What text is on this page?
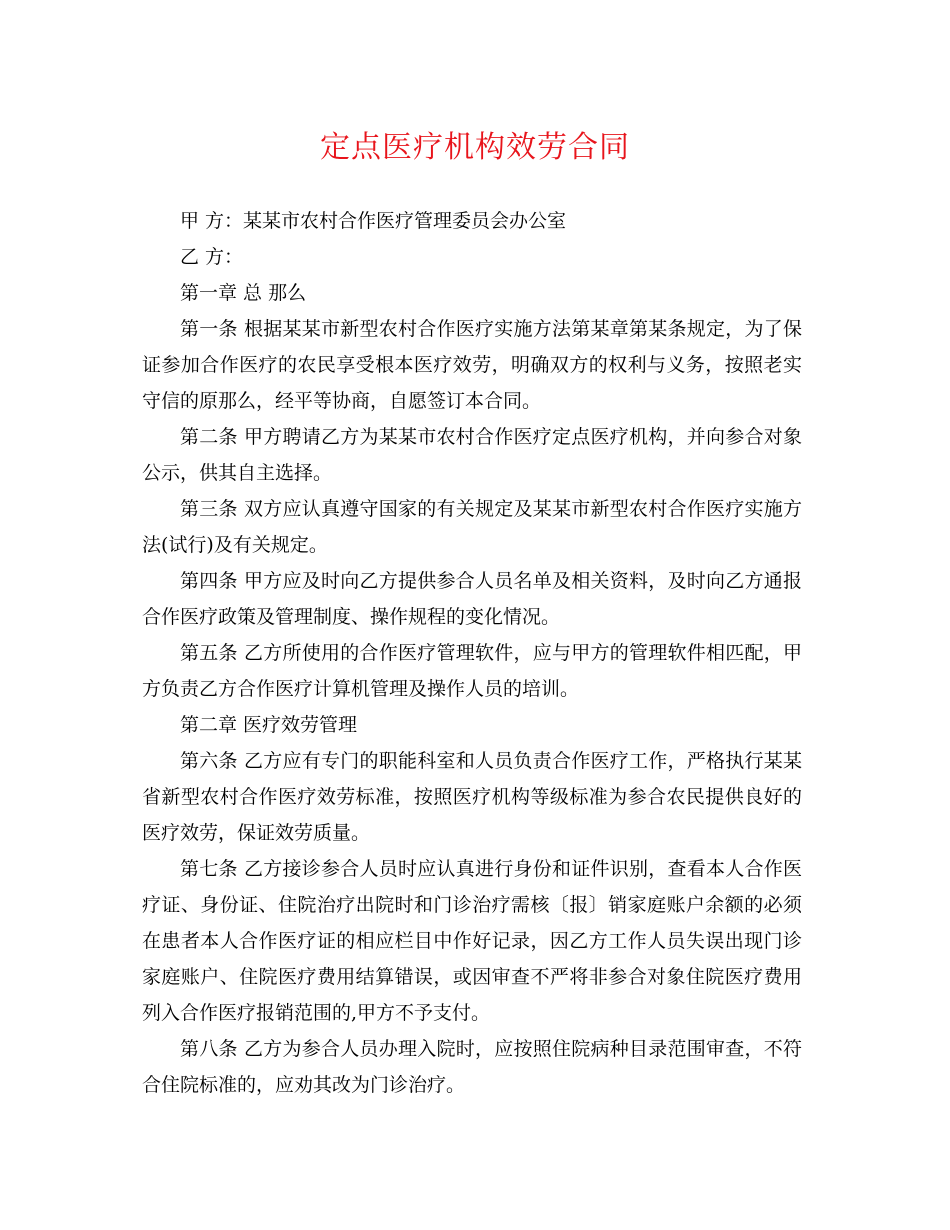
定点医疗机构效劳合同

甲 方：某某市农村合作医疗管理委员会办公室

乙 方：

第一章 总 那么

第一条 根据某某市新型农村合作医疗实施方法第某章第某条规定，为了保证参加合作医疗的农民享受根本医疗效劳，明确双方的权利与义务，按照老实守信的原那么，经平等协商，自愿签订本合同。

第二条 甲方聘请乙方为某某市农村合作医疗定点医疗机构，并向参合对象公示，供其自主选择。

第三条 双方应认真遵守国家的有关规定及某某市新型农村合作医疗实施方法(试行)及有关规定。

第四条 甲方应及时向乙方提供参合人员名单及相关资料，及时向乙方通报合作医疗政策及管理制度、操作规程的变化情况。

第五条 乙方所使用的合作医疗管理软件，应与甲方的管理软件相匹配，甲方负责乙方合作医疗计算机管理及操作人员的培训。

第二章 医疗效劳管理

第六条 乙方应有专门的职能科室和人员负责合作医疗工作，严格执行某某省新型农村合作医疗效劳标准，按照医疗机构等级标准为参合农民提供良好的医疗效劳，保证效劳质量。

第七条 乙方接诊参合人员时应认真进行身份和证件识别，查看本人合作医疗证、身份证、住院治疗出院时和门诊治疗需核〔报〕销家庭账户余额的必须在患者本人合作医疗证的相应栏目中作好记录，因乙方工作人员失误出现门诊家庭账户、住院医疗费用结算错误，或因审查不严将非参合对象住院医疗费用列入合作医疗报销范围的,甲方不予支付。

第八条 乙方为参合人员办理入院时，应按照住院病种目录范围审查，不符合住院标准的，应劝其改为门诊治疗。
